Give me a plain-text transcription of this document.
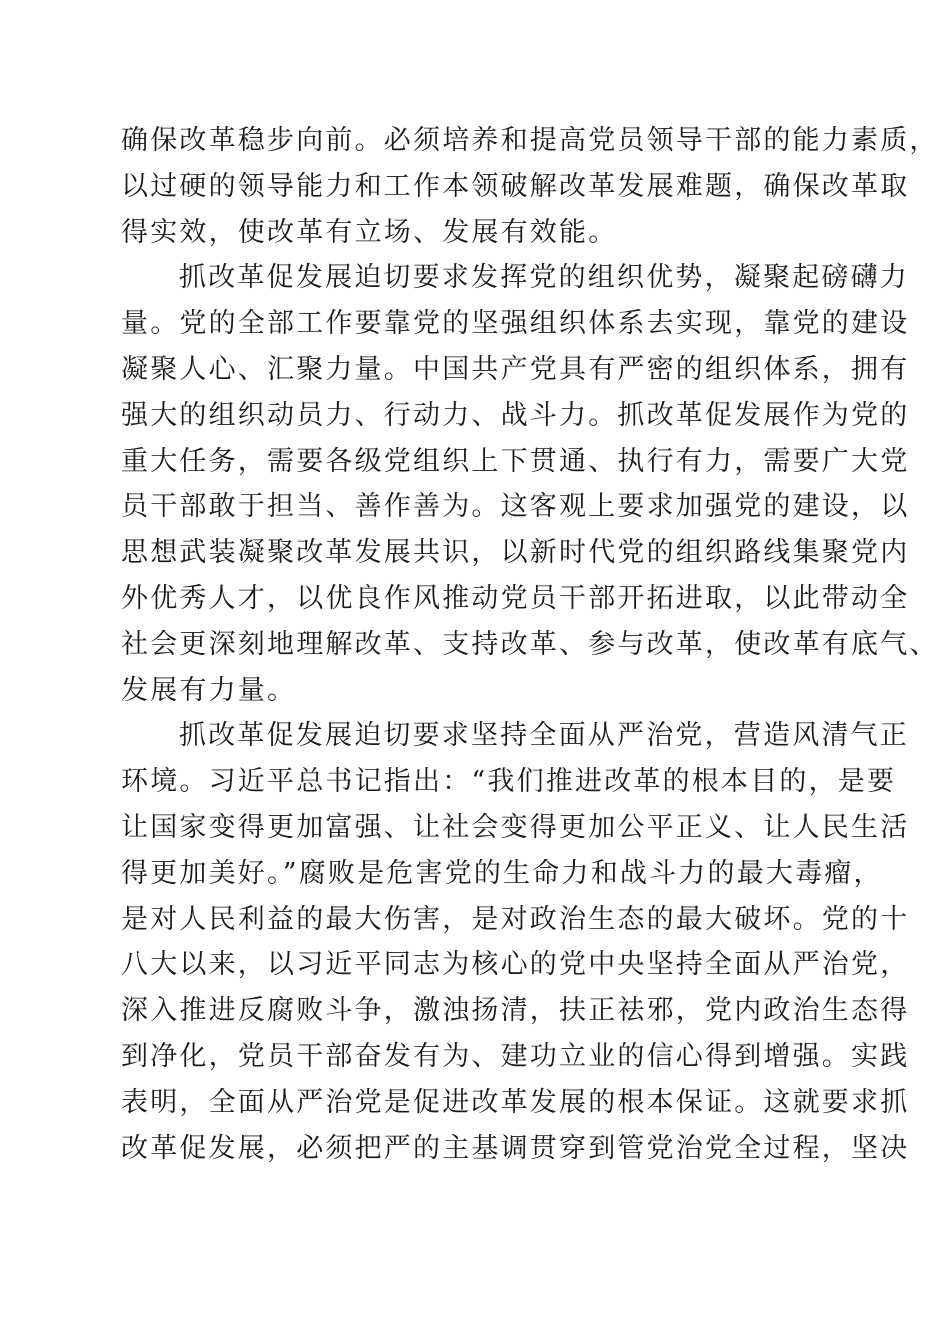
确保改革稳步向前。必须培养和提高党员领导干部的能力素质，
以过硬的领导能力和工作本领破解改革发展难题，确保改革取
得实效，使改革有立场、发展有效能。
抓改革促发展迫切要求发挥党的组织优势，凝聚起磅礴力
量。党的全部工作要靠党的坚强组织体系去实现，靠党的建设
凝聚人心、汇聚力量。中国共产党具有严密的组织体系，拥有
强大的组织动员力、行动力、战斗力。抓改革促发展作为党的
重大任务，需要各级党组织上下贯通、执行有力，需要广大党
员干部敢于担当、善作善为。这客观上要求加强党的建设，以
思想武装凝聚改革发展共识，以新时代党的组织路线集聚党内
外优秀人才，以优良作风推动党员干部开拓进取，以此带动全
社会更深刻地理解改革、支持改革、参与改革，使改革有底气、
发展有力量。
抓改革促发展迫切要求坚持全面从严治党，营造风清气正
环境。习近平总书记指出：“我们推进改革的根本目的，是要
让国家变得更加富强、让社会变得更加公平正义、让人民生活
得更加美好。”腐败是危害党的生命力和战斗力的最大毒瘤，
是对人民利益的最大伤害，是对政治生态的最大破坏。党的十
八大以来，以习近平同志为核心的党中央坚持全面从严治党，
深入推进反腐败斗争，激浊扬清，扶正祛邪，党内政治生态得
到净化，党员干部奋发有为、建功立业的信心得到增强。实践
表明，全面从严治党是促进改革发展的根本保证。这就要求抓
改革促发展，必须把严的主基调贯穿到管党治党全过程，坚决
